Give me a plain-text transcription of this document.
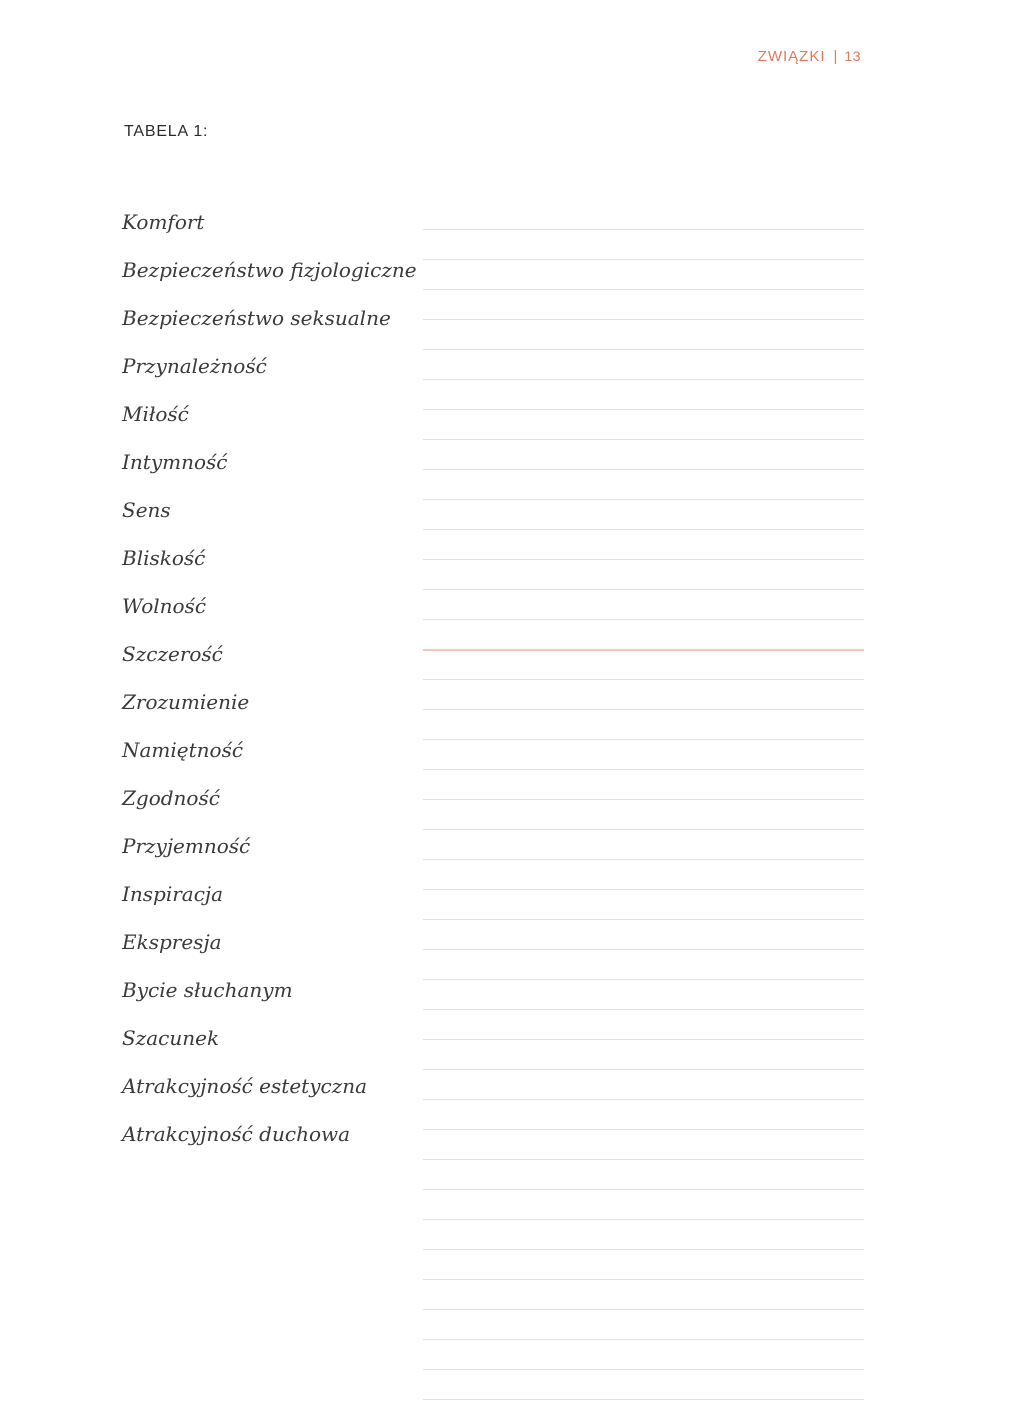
ZWIĄZKI | 13
TABELA 1:
Komfort
Bezpieczeństwo fizjologiczne
Bezpieczeństwo seksualne
Przynależność
Miłość
Intymność
Sens
Bliskość
Wolność
Szczerość
Zrozumienie
Namiętność
Zgodność
Przyjemność
Inspiracja
Ekspresja
Bycie słuchanym
Szacunek
Atrakcyjność estetyczna
Atrakcyjność duchowa
